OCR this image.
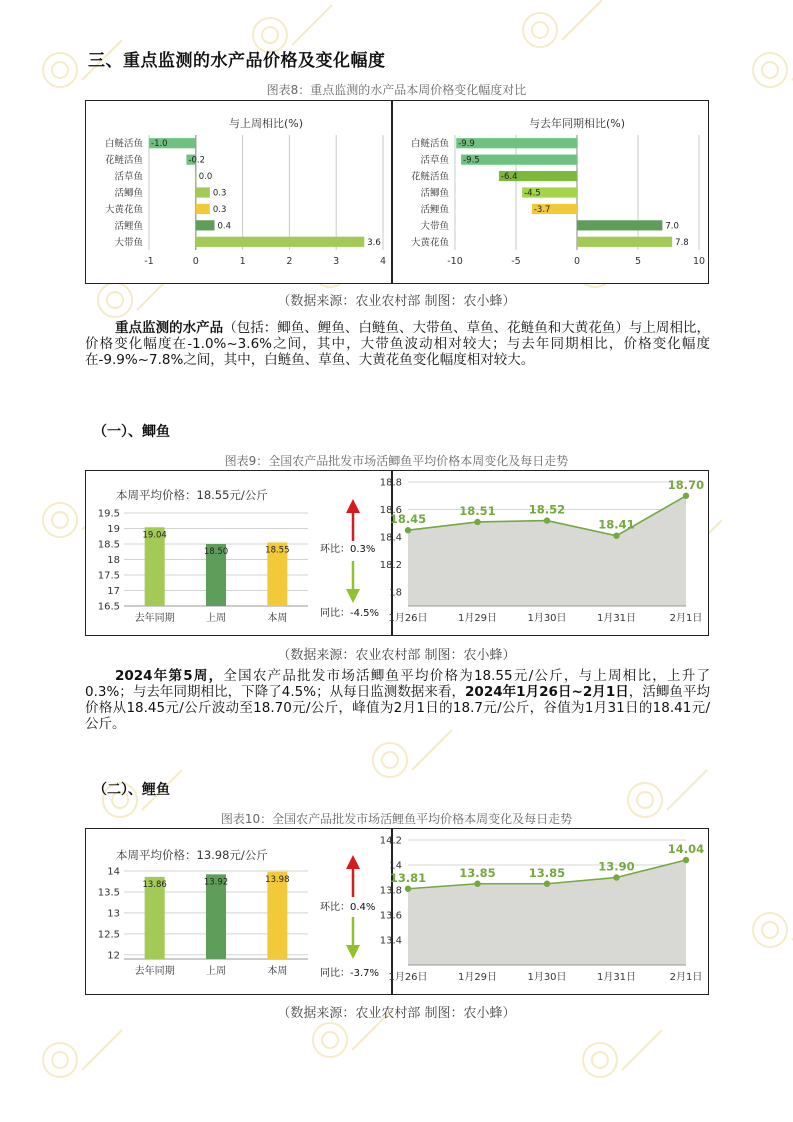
三、重点监测的水产品价格及变化幅度
图表8：重点监测的水产品本周价格变化幅度对比
与上周相比(%)
-1	0	1	2	3	4
白鲢活鱼 -1.0
花鲢活鱼	-0.2
活草鱼	0.0
活鲫鱼	0.3
大黄花鱼	0.3
活鲤鱼	0.4
大带鱼	3.6
与去年同期相比(%)
-10	-5	0	5	10
白鲢活鱼 -9.9
活草鱼 -9.5
花鲢活鱼	-6.4
活鲫鱼	-4.5
活鲤鱼	-3.7
大带鱼	7.0
大黄花鱼	7.8
（数据来源：农业农村部 制图：农小蜂）
重点监测的水产品（包括：鲫鱼、鲤鱼、白鲢鱼、大带鱼、草鱼、花鲢鱼和大黄花鱼）与上周相比，价格变化幅度在-1.0%~3.6%之间，其中，大带鱼波动相对较大；与去年同期相比，价格变化幅度在-9.9%~7.8%之间，其中，白鲢鱼、草鱼、大黄花鱼变化幅度相对较大。
（一）、鲫鱼
图表9：全国农产品批发市场活鲫鱼平均价格本周变化及每日走势
本周平均价格：18.55元/公斤
16.5
17
17.5
18
18.5
19
19.5
19.04
去年同期
18.50
上周
18.55
本周
环比：0.3%
同比：-4.5%
18
18.2
18.4
18.6
18.8
18.45
1月26日
18.51
1月29日
18.52
1月30日
18.41
1月31日
18.70
2月1日
（数据来源：农业农村部 制图：农小蜂）
2024年第5周，全国农产品批发市场活鲫鱼平均价格为18.55元/公斤，与上周相比，上升了0.3%；与去年同期相比，下降了4.5%；从每日监测数据来看，2024年1月26日~2月1日，活鲫鱼平均价格从18.45元/公斤波动至18.70元/公斤，峰值为2月1日的18.7元/公斤，谷值为1月31日的18.41元/公斤。
（二）、鲤鱼
图表10：全国农产品批发市场活鲤鱼平均价格本周变化及每日走势
本周平均价格：13.98元/公斤
12
12.5
13
13.5
14
13.86
去年同期
13.92
上周
13.98
本周
环比：0.4%
同比：-3.7%
13.4
13.6
13.8
14
14.2
13.81
1月26日
13.85
1月29日
13.85
1月30日
13.90
1月31日
14.04
2月1日
（数据来源：农业农村部 制图：农小蜂）
